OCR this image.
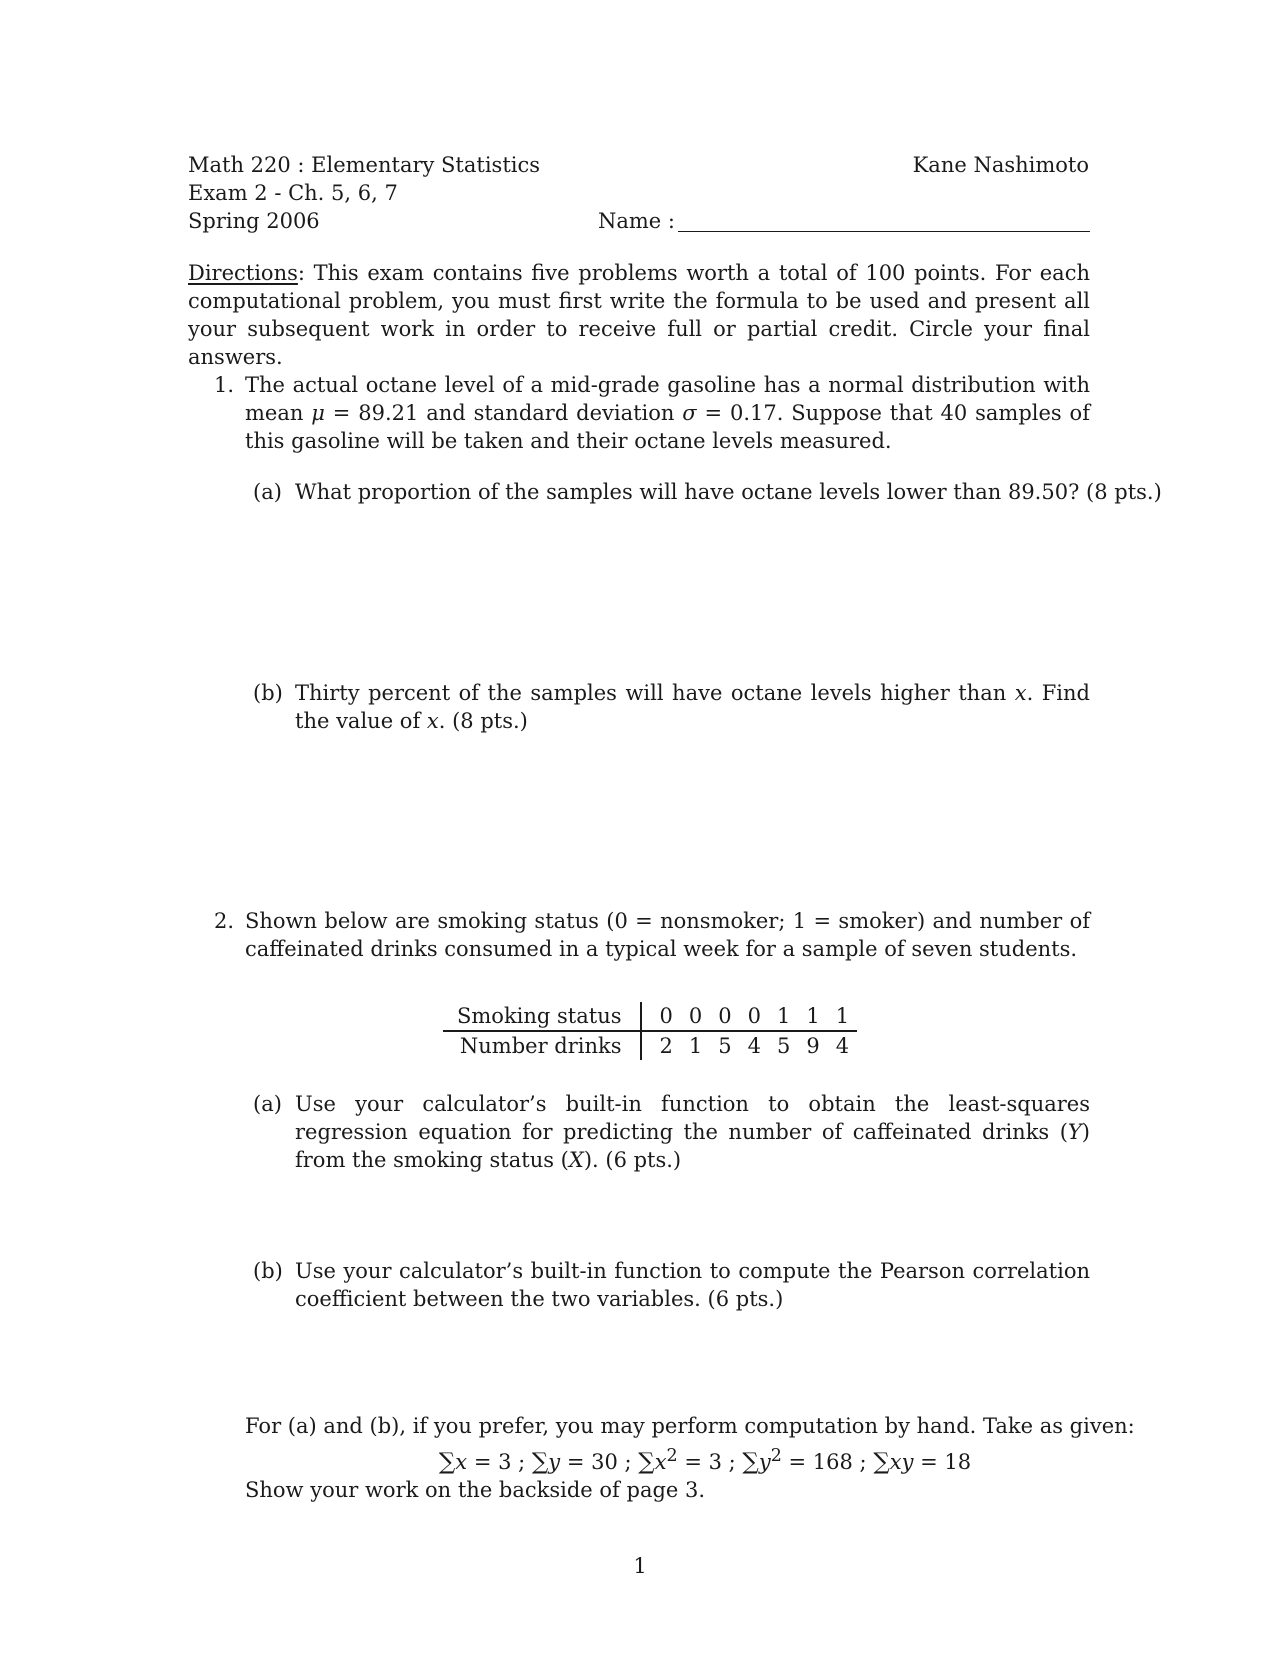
Math 220 : Elementary Statistics
Exam 2 - Ch. 5, 6, 7
Spring 2006
Kane Nashimoto
Name :
Directions: This exam contains five problems worth a total of 100 points. For each computational problem, you must first write the formula to be used and present all your subsequent work in order to receive full or partial credit. Circle your final answers.
1. The actual octane level of a mid-grade gasoline has a normal distribution with mean μ = 89.21 and standard deviation σ = 0.17. Suppose that 40 samples of this gasoline will be taken and their octane levels measured.
(a) What proportion of the samples will have octane levels lower than 89.50? (8 pts.)
(b) Thirty percent of the samples will have octane levels higher than x. Find the value of x. (8 pts.)
2. Shown below are smoking status (0 = nonsmoker; 1 = smoker) and number of caffeinated drinks consumed in a typical week for a sample of seven students.
Smoking status	0	0	0	0	1	1	1
Number drinks	2	1	5	4	5	9	4
(a) Use your calculator’s built-in function to obtain the least-squares regression equation for predicting the number of caffeinated drinks (Y) from the smoking status (X). (6 pts.)
(b) Use your calculator’s built-in function to compute the Pearson correlation coefficient between the two variables. (6 pts.)
For (a) and (b), if you prefer, you may perform computation by hand. Take as given:
∑x = 3 ; ∑y = 30 ; $\sum x^2 = 3$ ; $\sum y^2 = 168$ ; ∑xy = 18
Show your work on the backside of page 3.
1
